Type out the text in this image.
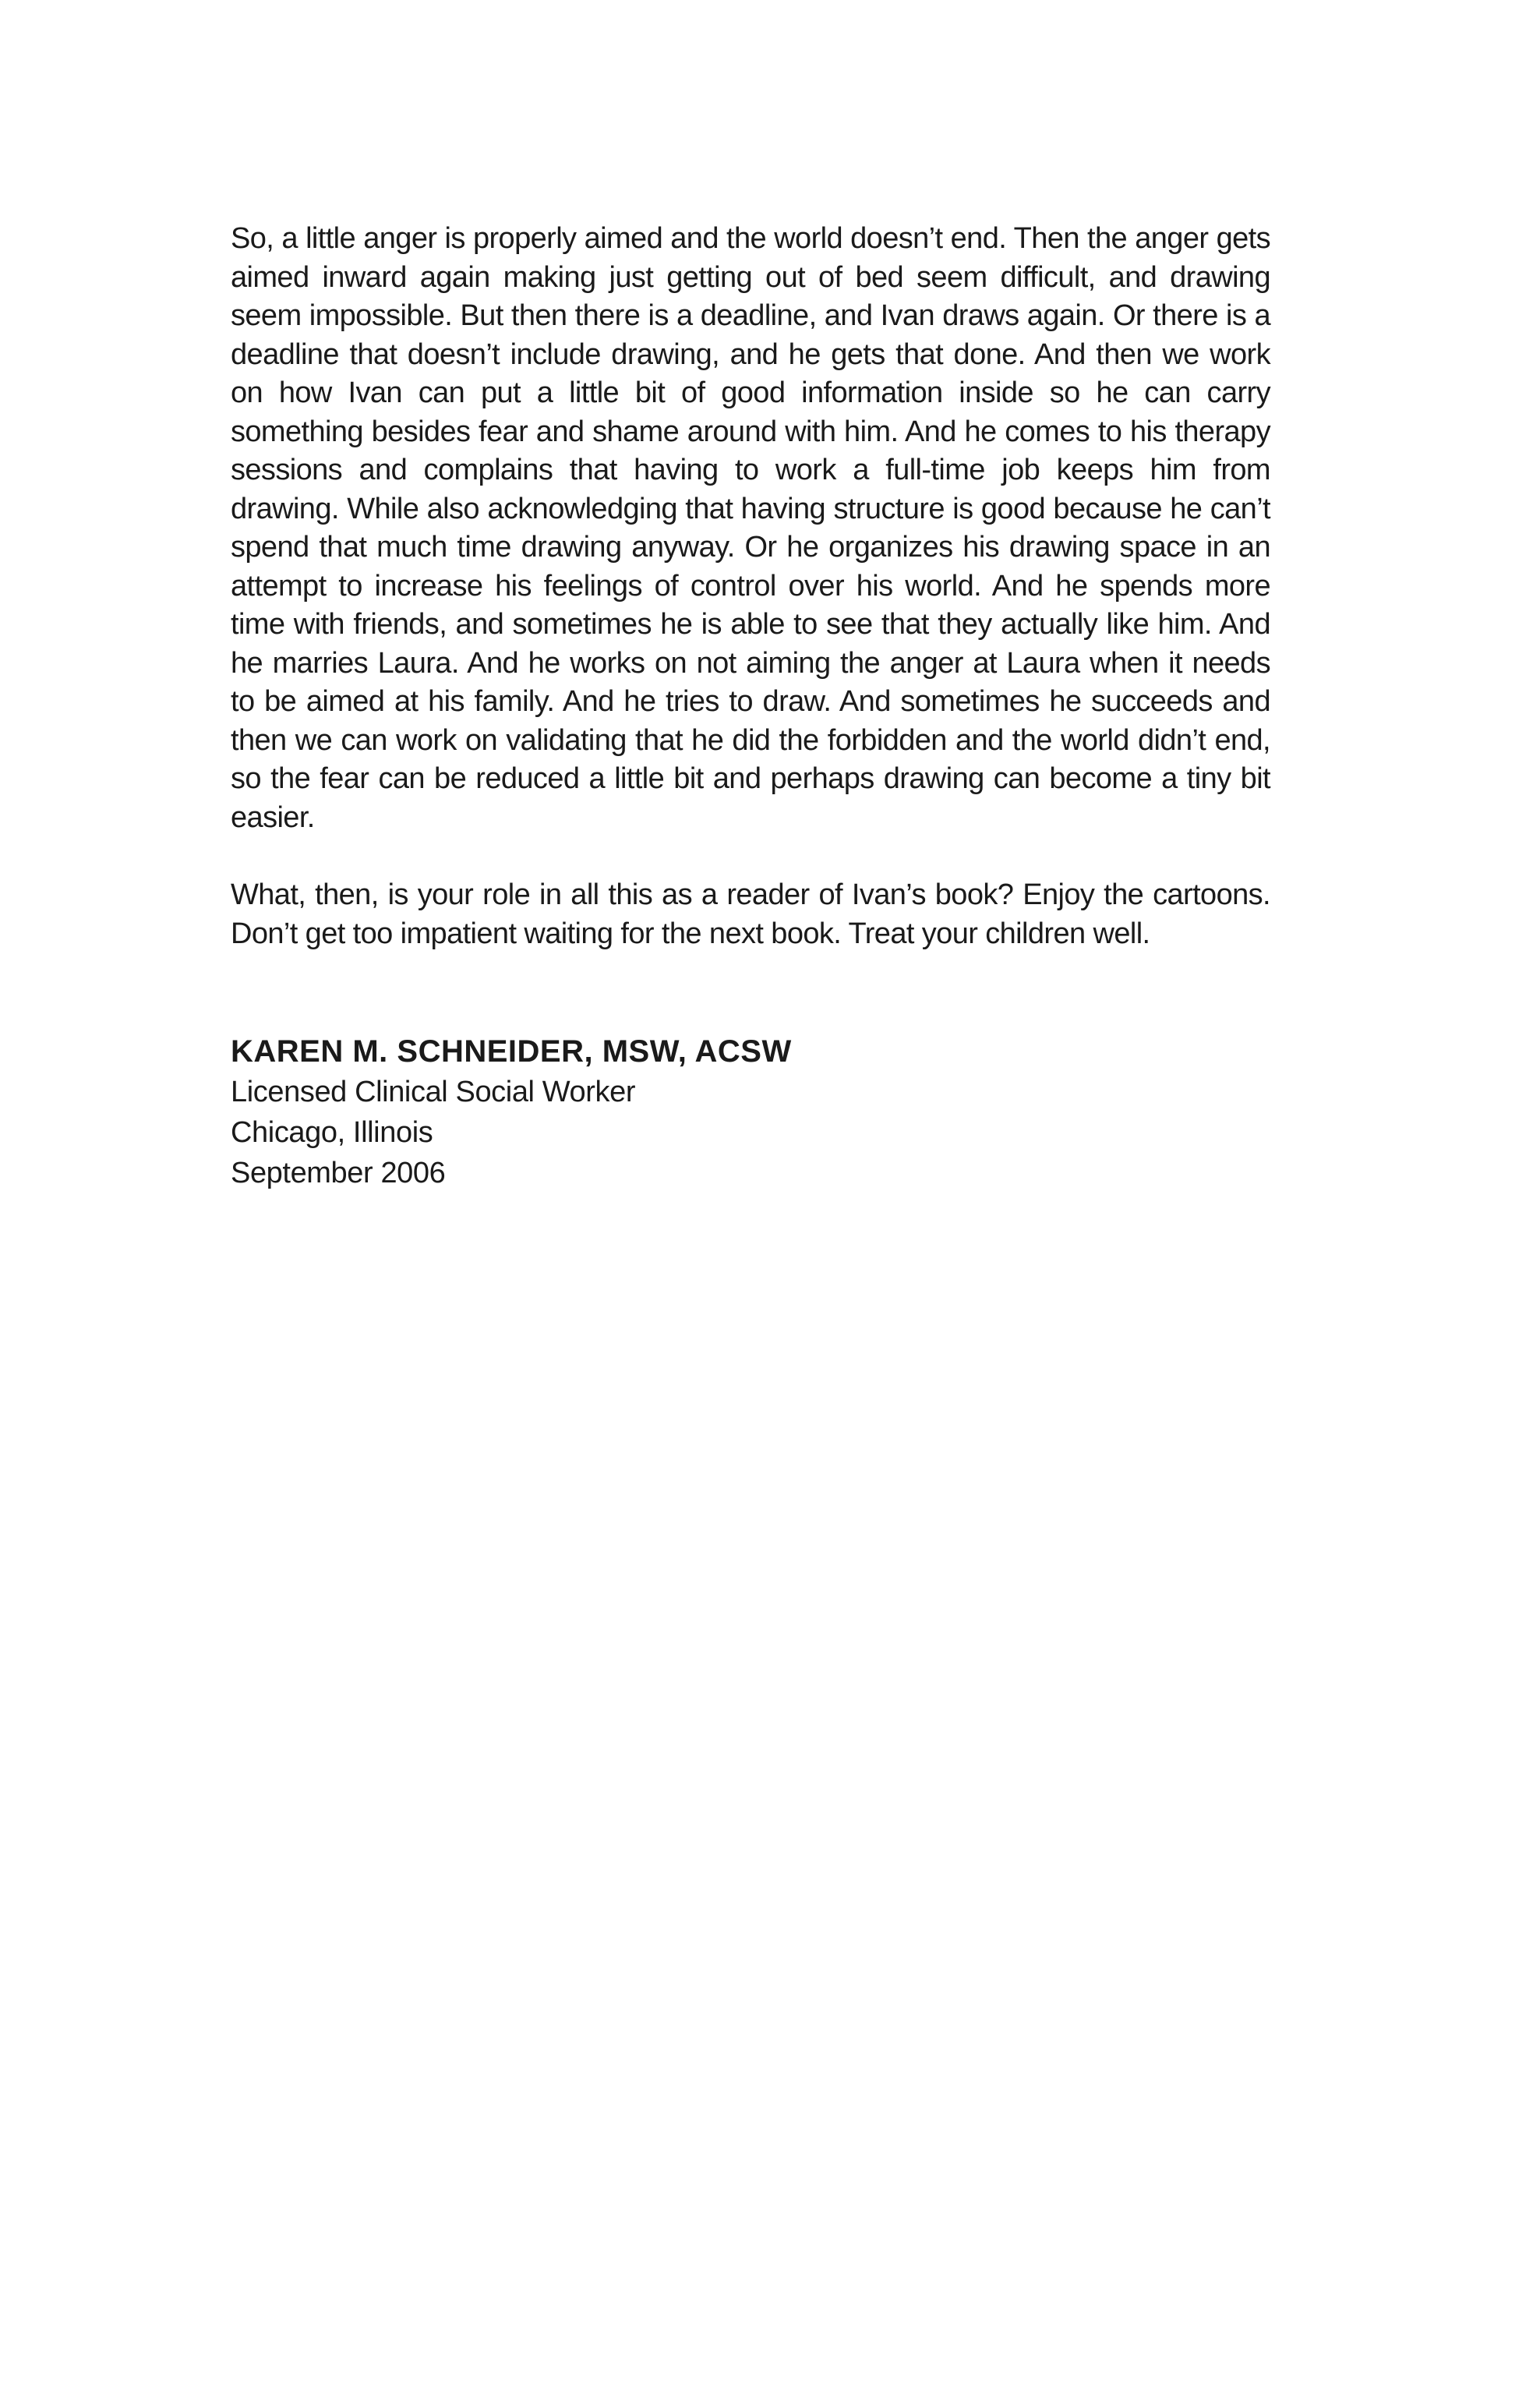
So, a little anger is properly aimed and the world doesn’t end. Then the anger gets aimed inward again making just getting out of bed seem difficult, and drawing seem impossible. But then there is a deadline, and Ivan draws again. Or there is a deadline that doesn’t include drawing, and he gets that done. And then we work on how Ivan can put a little bit of good information inside so he can carry something besides fear and shame around with him. And he comes to his therapy sessions and complains that having to work a full-time job keeps him from drawing. While also acknowledging that having structure is good because he can’t spend that much time drawing anyway. Or he organizes his drawing space in an attempt to increase his feelings of control over his world. And he spends more time with friends, and sometimes he is able to see that they actually like him. And he marries Laura. And he works on not aiming the anger at Laura when it needs to be aimed at his family. And he tries to draw. And sometimes he succeeds and then we can work on validating that he did the forbidden and the world didn’t end, so the fear can be reduced a little bit and perhaps drawing can become a tiny bit easier.

What, then, is your role in all this as a reader of Ivan’s book? Enjoy the cartoons. Don’t get too impatient waiting for the next book. Treat your children well.

KAREN M. SCHNEIDER, MSW, ACSW
Licensed Clinical Social Worker
Chicago, Illinois
September 2006
